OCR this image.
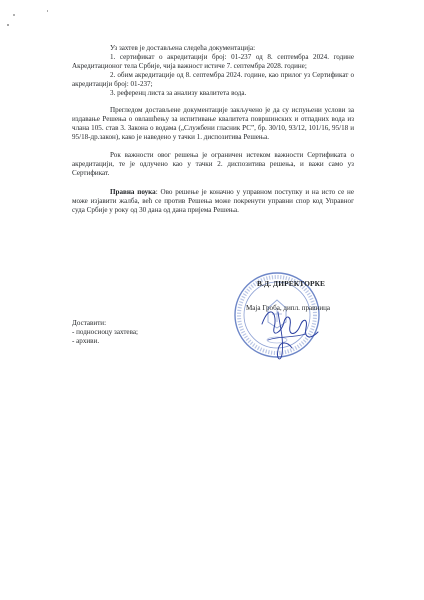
Уз захтев је достављена следећа документација:

1. сертификат о акредитацији број: 01-237 од 8. септембра 2024. године Акредитационог тела Србије, чија важност истиче 7. септембра 2028. године;

2. обим акредитације од 8. септембра 2024. године, као прилог уз Сертификат о акредитацији број: 01-237;

3. референц листа за анализу квалитета вода.

Прегледом достављене документације закључено је да су испуњени услови за издавање Решења о овлашћењу за испитивање квалитета површинских и отпадних вода из члана 105. став 3. Закона о водама („Службени гласник РС”, бр. 30/10, 93/12, 101/16, 95/18 и 95/18-др.закон), како је наведено у тачки 1. диспозитива Решења.

Рок важности овог решења је ограничен истеком важности Сертификата о акредитацији, те је одлучено као у тачки 2. диспозитива решења, и важи само уз Сертификат.

Правна поука: Ово решење је коначно у управном поступку и на исто се не може изјавити жалба, већ се против Решења може покренути управни спор код Управног суда Србије у року од 30 дана од дана пријема Решења.

Доставити:

- подносиоцу захтева;

- архиви.

В.Д. ДИРЕКТОРКЕ
Маја Гроба, дипл. правница
